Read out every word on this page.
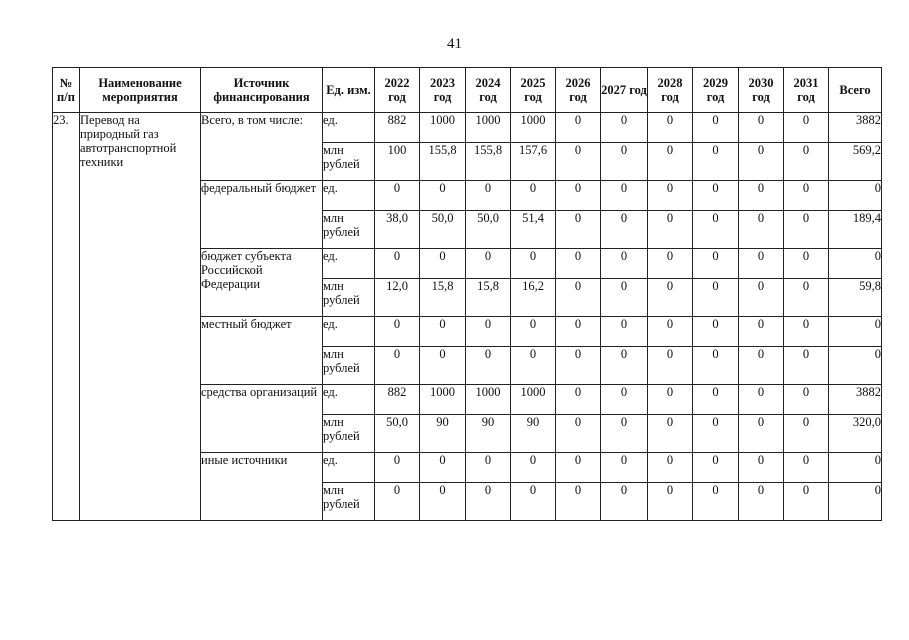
41
№ п/п	Наименование мероприятия	Источник финансирования	Ед. изм.	2022 год	2023 год	2024 год	2025 год	2026 год	2027 год	2028 год	2029 год	2030 год	2031 год	Всего
23.	Перевод на природный газ автотранспортной техники	Всего, в том числе:	ед.	882	1000	1000	1000	0	0	0	0	0	0	3882
			млн рублей	100	155,8	155,8	157,6	0	0	0	0	0	0	569,2
		федеральный бюджет	ед.	0	0	0	0	0	0	0	0	0	0	0
			млн рублей	38,0	50,0	50,0	51,4	0	0	0	0	0	0	189,4
		бюджет субъекта Российской Федерации	ед.	0	0	0	0	0	0	0	0	0	0	0
			млн рублей	12,0	15,8	15,8	16,2	0	0	0	0	0	0	59,8
		местный бюджет	ед.	0	0	0	0	0	0	0	0	0	0	0
			млн рублей	0	0	0	0	0	0	0	0	0	0	0
		средства организаций	ед.	882	1000	1000	1000	0	0	0	0	0	0	3882
			млн рублей	50,0	90	90	90	0	0	0	0	0	0	320,0
		иные источники	ед.	0	0	0	0	0	0	0	0	0	0	0
			млн рублей	0	0	0	0	0	0	0	0	0	0	0
